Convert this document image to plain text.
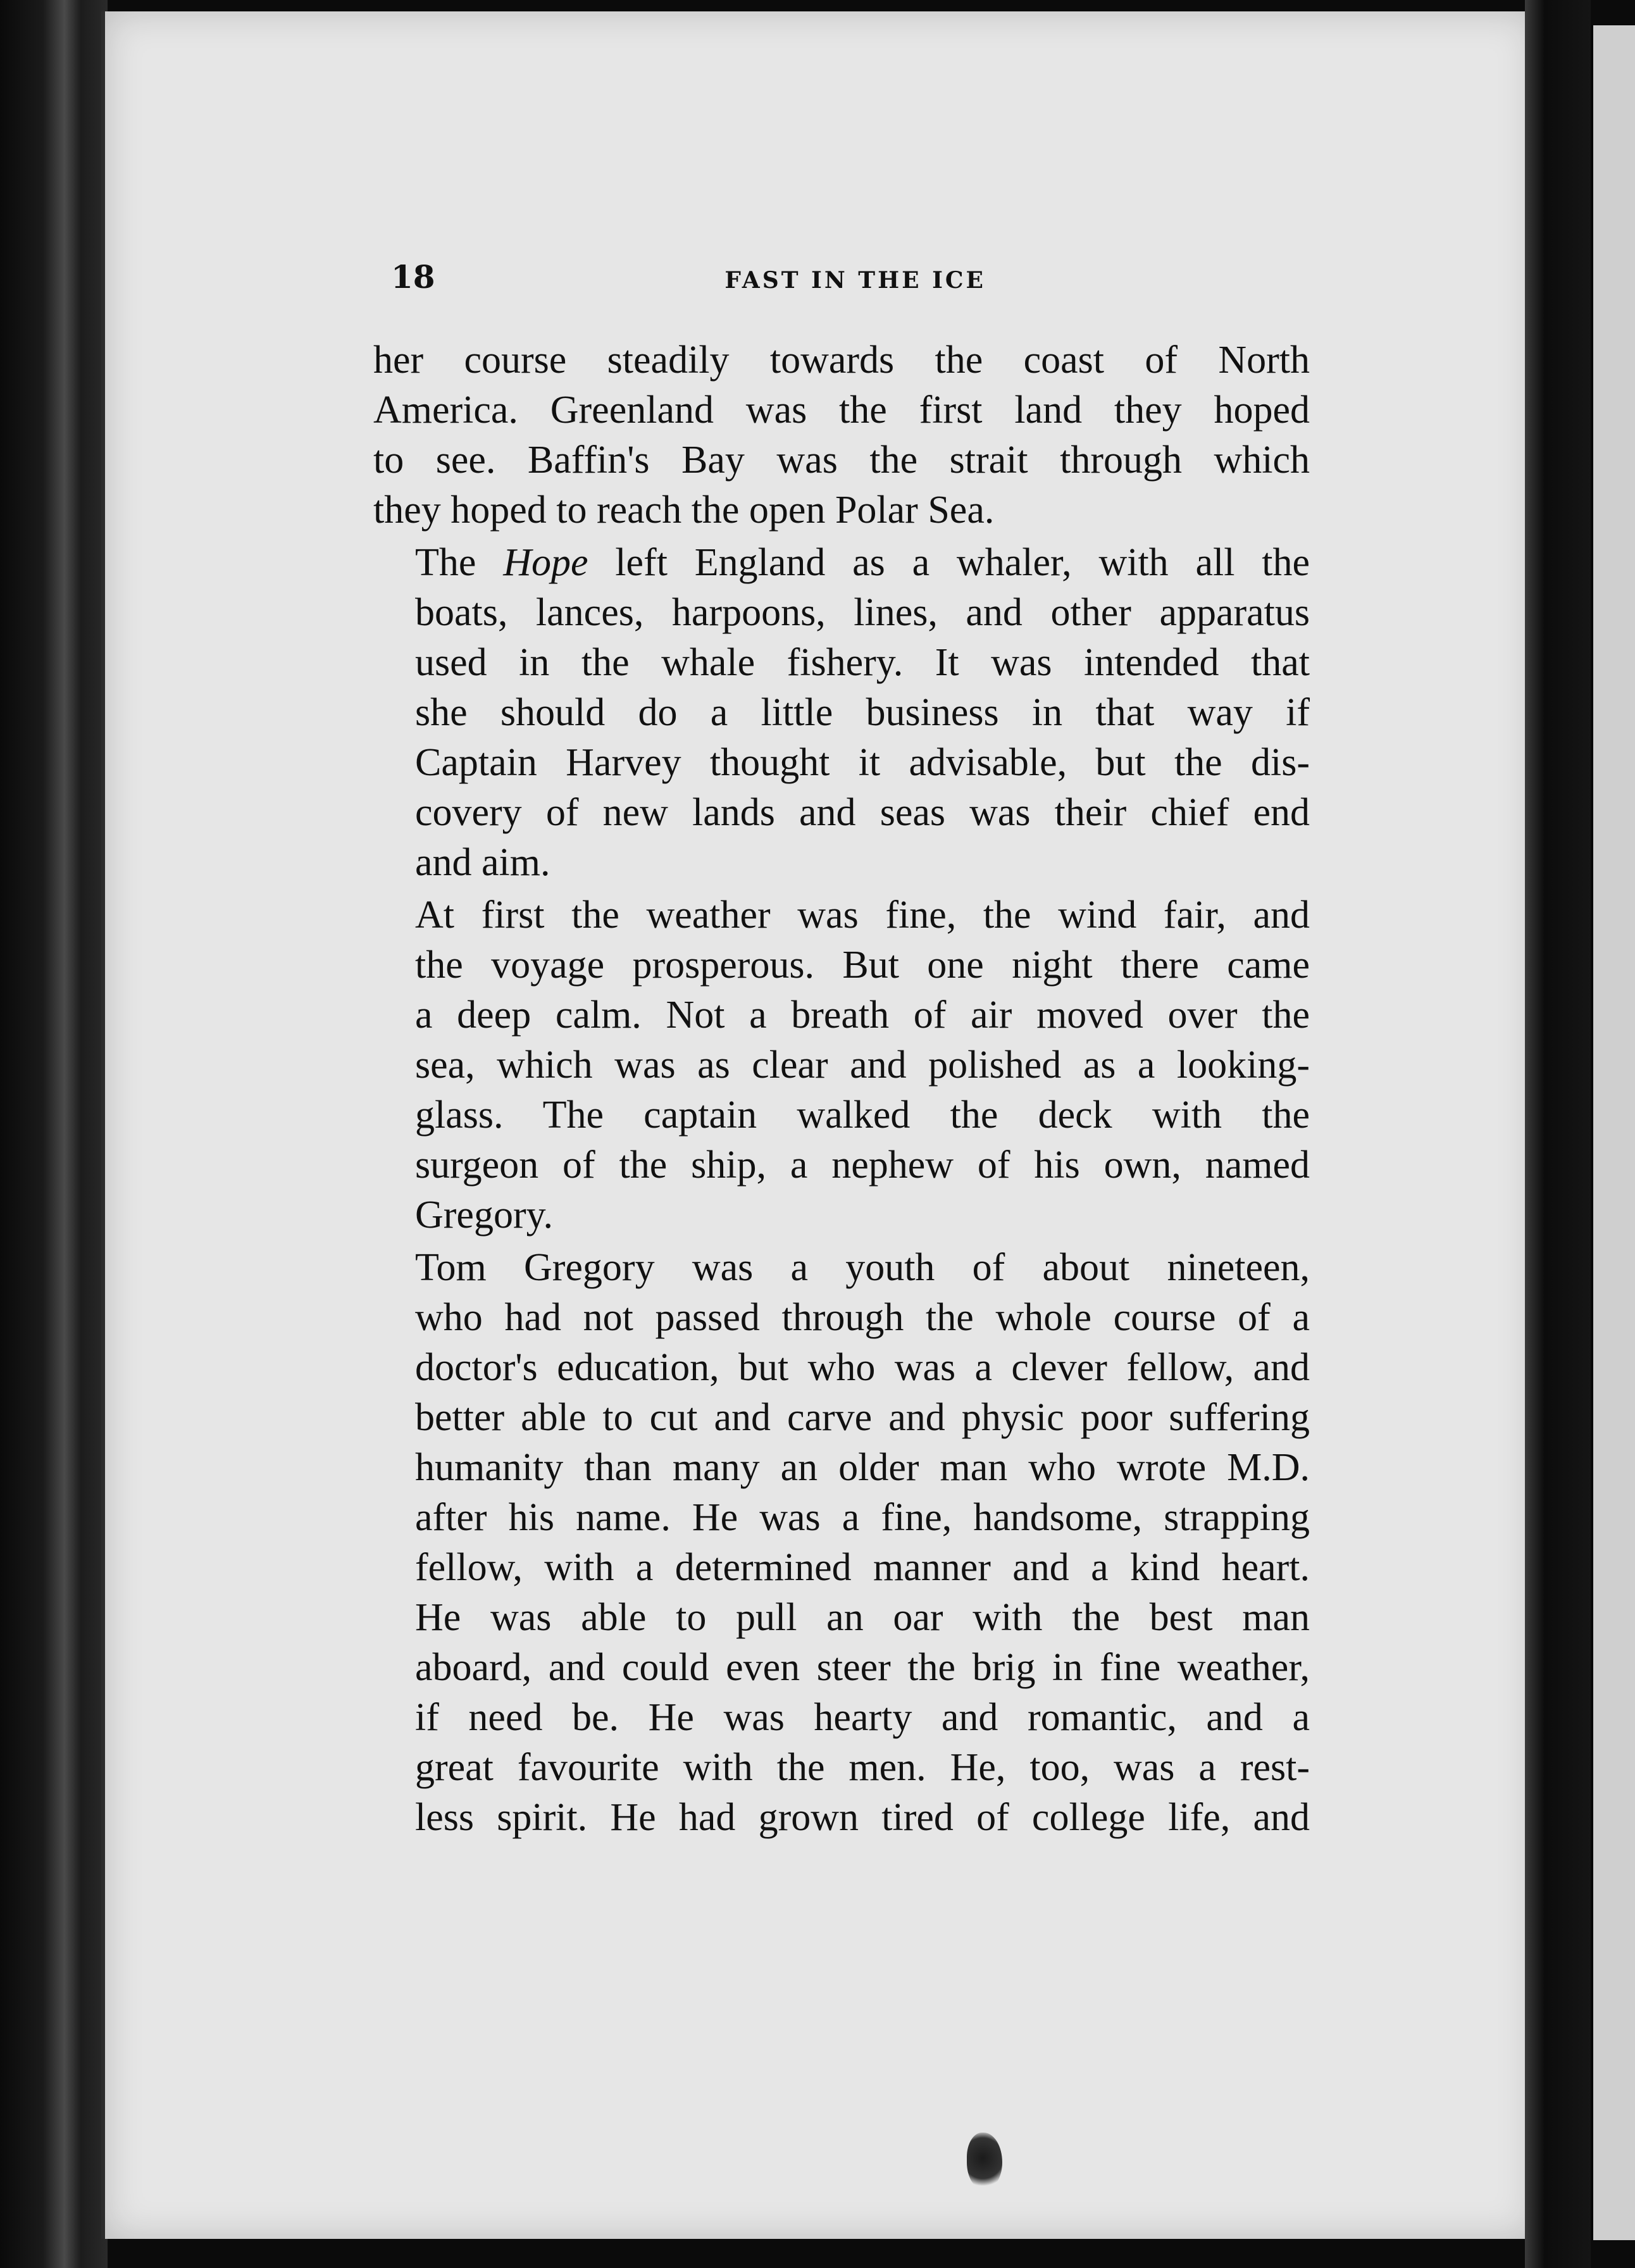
18	FAST IN THE ICE

her course steadily towards the coast of North
America. Greenland was the first land they hoped
to see. Baffin's Bay was the strait through which
they hoped to reach the open Polar Sea.

The Hope left England as a whaler, with all the
boats, lances, harpoons, lines, and other apparatus
used in the whale fishery. It was intended that
she should do a little business in that way if
Captain Harvey thought it advisable, but the dis-
covery of new lands and seas was their chief end
and aim.

At first the weather was fine, the wind fair, and
the voyage prosperous. But one night there came
a deep calm. Not a breath of air moved over the
sea, which was as clear and polished as a looking-
glass. The captain walked the deck with the
surgeon of the ship, a nephew of his own, named
Gregory.

Tom Gregory was a youth of about nineteen,
who had not passed through the whole course of a
doctor's education, but who was a clever fellow, and
better able to cut and carve and physic poor suffering
humanity than many an older man who wrote M.D.
after his name. He was a fine, handsome, strapping
fellow, with a determined manner and a kind heart.
He was able to pull an oar with the best man
aboard, and could even steer the brig in fine weather,
if need be. He was hearty and romantic, and a
great favourite with the men. He, too, was a rest-
less spirit. He had grown tired of college life, and
